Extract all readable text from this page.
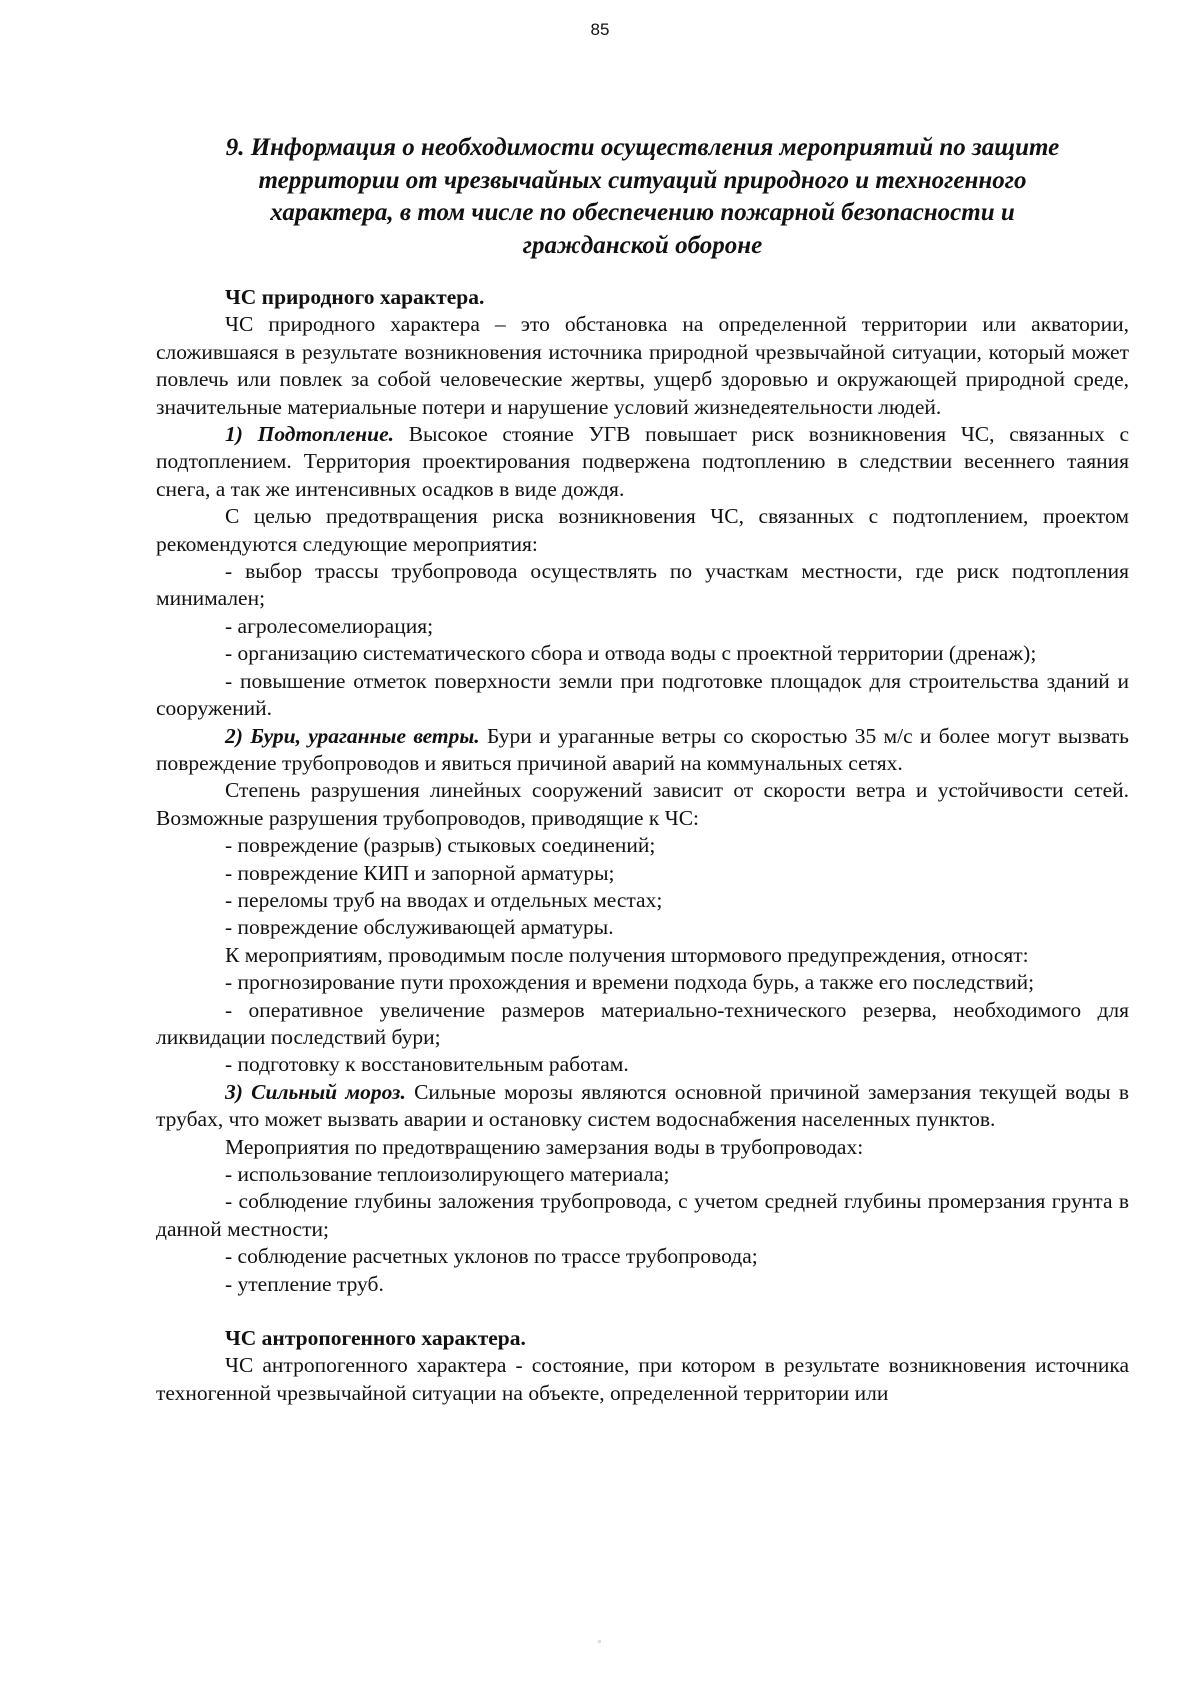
85
9. Информация о необходимости осуществления мероприятий по защите
территории от чрезвычайных ситуаций природного и техногенного
характера, в том числе по обеспечению пожарной безопасности и
гражданской обороне
ЧС природного характера.

ЧС природного характера – это обстановка на определенной территории или акватории, сложившаяся в результате возникновения источника природной чрезвычайной ситуации, который может повлечь или повлек за собой человеческие жертвы, ущерб здоровью и окружающей природной среде, значительные материальные потери и нарушение условий жизнедеятельности людей.

1) Подтопление. Высокое стояние УГВ повышает риск возникновения ЧС, связанных с подтоплением. Территория проектирования подвержена подтоплению в следствии весеннего таяния снега, а так же интенсивных осадков в виде дождя.

С целью предотвращения риска возникновения ЧС, связанных с подтоплением, проектом рекомендуются следующие мероприятия:

- выбор трассы трубопровода осуществлять по участкам местности, где риск подтопления минимален;

- агролесомелиорация;

- организацию систематического сбора и отвода воды с проектной территории (дренаж);

- повышение отметок поверхности земли при подготовке площадок для строительства зданий и сооружений.

2) Бури, ураганные ветры. Бури и ураганные ветры со скоростью 35 м/с и более могут вызвать повреждение трубопроводов и явиться причиной аварий на коммунальных сетях.

Степень разрушения линейных сооружений зависит от скорости ветра и устойчивости сетей. Возможные разрушения трубопроводов, приводящие к ЧС:

- повреждение (разрыв) стыковых соединений;

- повреждение КИП и запорной арматуры;

- переломы труб на вводах и отдельных местах;

- повреждение обслуживающей арматуры.

К мероприятиям, проводимым после получения штормового предупреждения, относят:

- прогнозирование пути прохождения и времени подхода бурь, а также его последствий;

- оперативное увеличение размеров материально-технического резерва, необходимого для ликвидации последствий бури;

- подготовку к восстановительным работам.

3) Сильный мороз. Сильные морозы являются основной причиной замерзания текущей воды в трубах, что может вызвать аварии и остановку систем водоснабжения населенных пунктов.

Мероприятия по предотвращению замерзания воды в трубопроводах:

- использование теплоизолирующего материала;

- соблюдение глубины заложения трубопровода, с учетом средней глубины промерзания грунта в данной местности;

- соблюдение расчетных уклонов по трассе трубопровода;

- утепление труб.

ЧС антропогенного характера.

ЧС антропогенного характера - состояние, при котором в результате возникновения источника техногенной чрезвычайной ситуации на объекте, определенной территории или
